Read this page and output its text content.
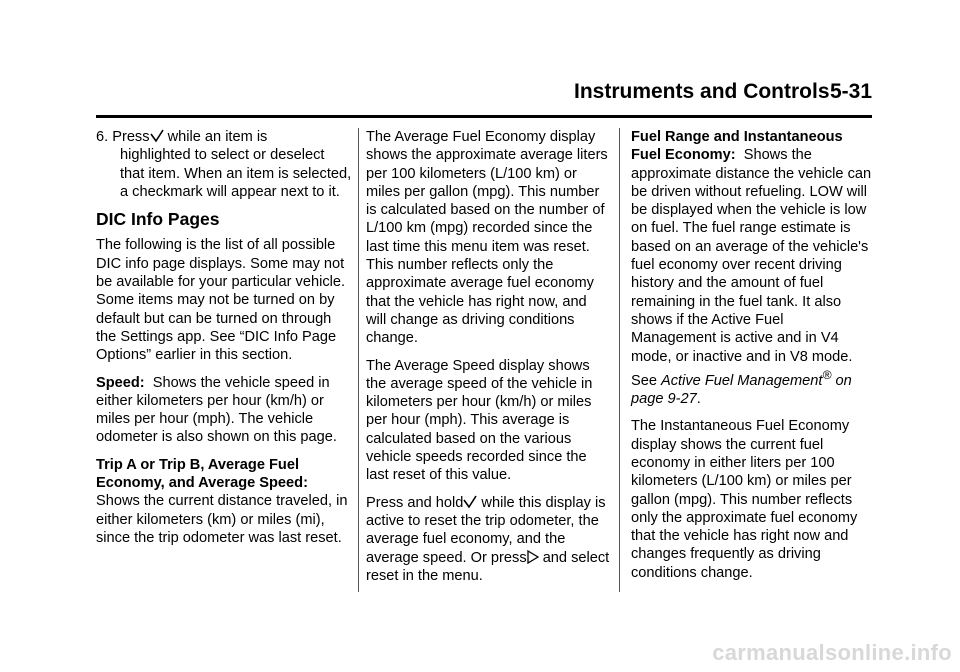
Instruments and Controls 5-31

6. Press while an item is
highlighted to select or deselect that item. When an item is selected, a checkmark will appear next to it.

DIC Info Pages

The following is the list of all possible DIC info page displays. Some may not be available for your particular vehicle. Some items may not be turned on by default but can be turned on through the Settings app. See “DIC Info Page Options” earlier in this section.

Speed: Shows the vehicle speed in either kilometers per hour (km/h) or miles per hour (mph). The vehicle odometer is also shown on this page.

Trip A or Trip B, Average Fuel Economy, and Average Speed: Shows the current distance traveled, in either kilometers (km) or miles (mi), since the trip odometer was last reset.

The Average Fuel Economy display shows the approximate average liters per 100 kilometers (L/100 km) or miles per gallon (mpg). This number is calculated based on the number of L/100 km (mpg) recorded since the last time this menu item was reset. This number reflects only the approximate average fuel economy that the vehicle has right now, and will change as driving conditions change.

The Average Speed display shows the average speed of the vehicle in kilometers per hour (km/h) or miles per hour (mph). This average is calculated based on the various vehicle speeds recorded since the last reset of this value.

Press and hold while this display is active to reset the trip odometer, the average fuel economy, and the average speed. Or press and select reset in the menu.

Fuel Range and Instantaneous Fuel Economy: Shows the approximate distance the vehicle can be driven without refueling. LOW will be displayed when the vehicle is low on fuel. The fuel range estimate is based on an average of the vehicle's fuel economy over recent driving history and the amount of fuel remaining in the fuel tank. It also shows if the Active Fuel Management is active and in V4 mode, or inactive and in V8 mode. See Active Fuel Management® on page 9-27.

The Instantaneous Fuel Economy display shows the current fuel economy in either liters per 100 kilometers (L/100 km) or miles per gallon (mpg). This number reflects only the approximate fuel economy that the vehicle has right now and changes frequently as driving conditions change.

carmanualsonline.info
